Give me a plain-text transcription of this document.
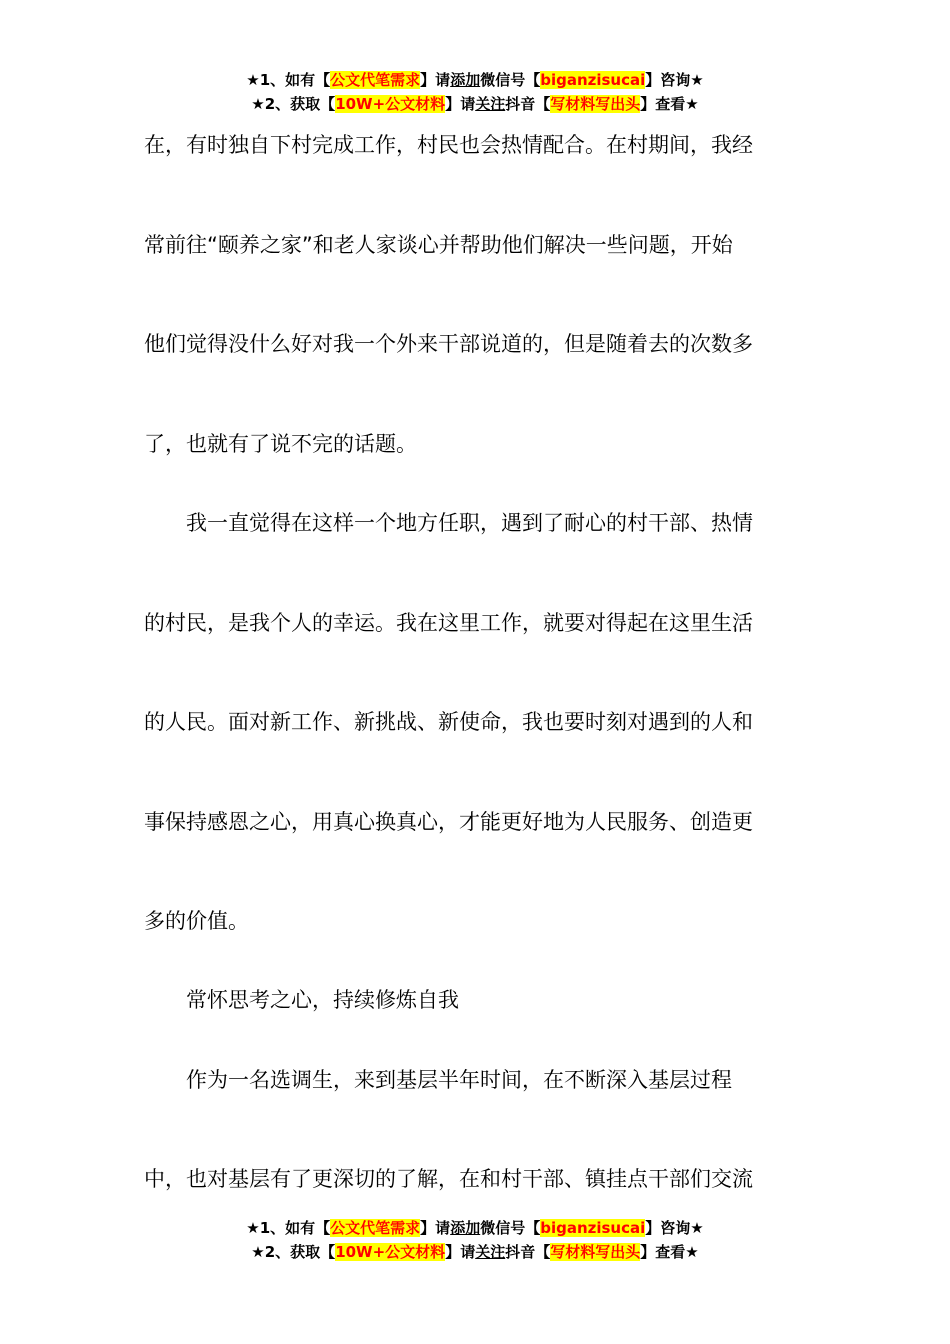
★1、如有【公文代笔需求】请添加微信号【biganzisucai】咨询★
★2、获取【10W+公文材料】请关注抖音【写材料写出头】查看★
在，有时独自下村完成工作，村民也会热情配合。在村期间，我经
常前往“颐养之家”和老人家谈心并帮助他们解决一些问题，开始
他们觉得没什么好对我一个外来干部说道的，但是随着去的次数多
了，也就有了说不完的话题。
　　我一直觉得在这样一个地方任职，遇到了耐心的村干部、热情
的村民，是我个人的幸运。我在这里工作，就要对得起在这里生活
的人民。面对新工作、新挑战、新使命，我也要时刻对遇到的人和
事保持感恩之心，用真心换真心，才能更好地为人民服务、创造更
多的价值。
　　常怀思考之心，持续修炼自我
　　作为一名选调生，来到基层半年时间，在不断深入基层过程
中，也对基层有了更深切的了解，在和村干部、镇挂点干部们交流
★1、如有【公文代笔需求】请添加微信号【biganzisucai】咨询★
★2、获取【10W+公文材料】请关注抖音【写材料写出头】查看★
